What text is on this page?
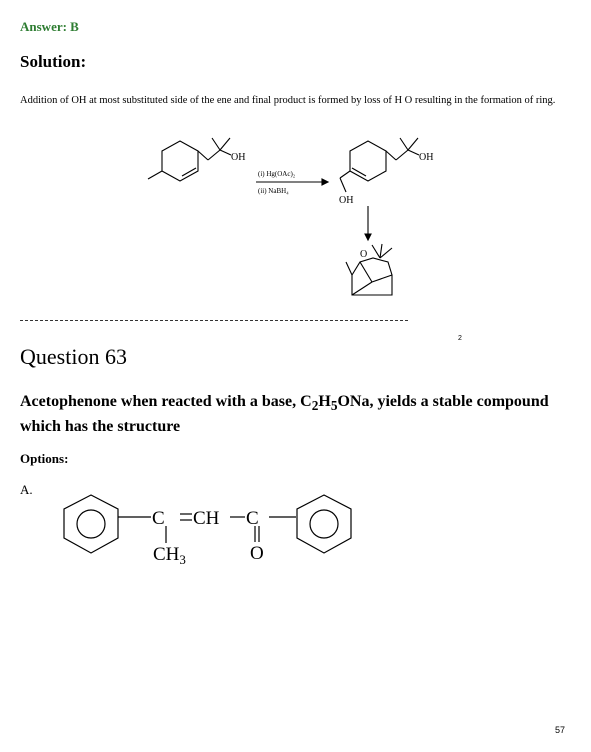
Answer: B
Solution:
Addition of OH at most substituted side of the ene and final product is formed by loss of H O resulting in the formation of ring.
OH
(i) Hg(OAc)₂
(ii) NaBH₄
OH
OH
O
2
Question 63
Acetophenone when reacted with a base, $C_2H_5ONa$, yields a stable compound which has the structure
Options:
A.
C CH C
$CH_3$	O
57
